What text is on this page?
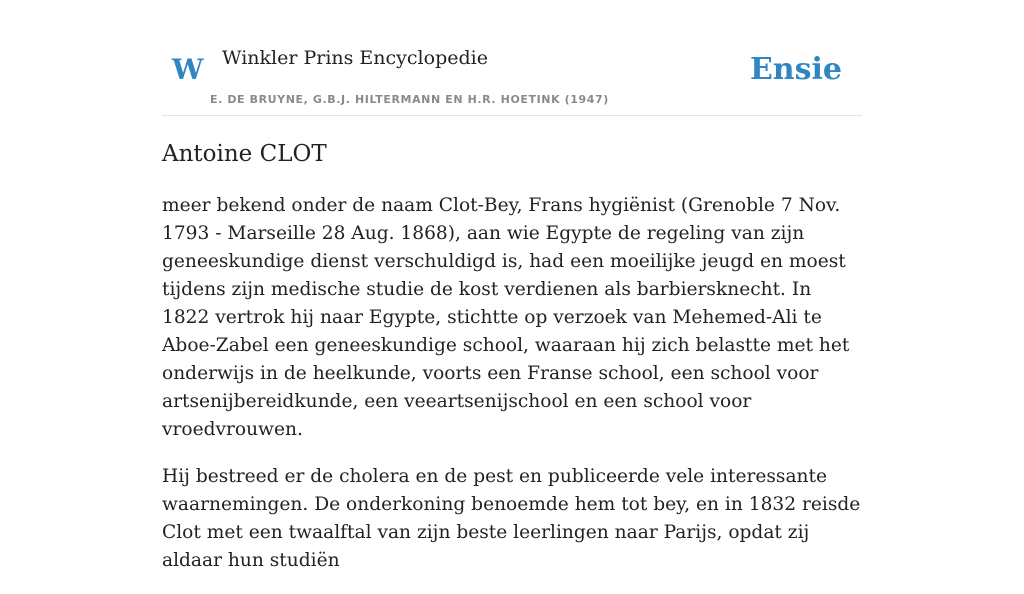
W Winkler Prins Encyclopedie
E. DE BRUYNE, G.B.J. HILTERMANN EN H.R. HOETINK (1947)
Ensie
Antoine CLOT

meer bekend onder de naam Clot-Bey, Frans hygiënist (Grenoble 7 Nov. 1793 - Marseille 28 Aug. 1868), aan wie Egypte de regeling van zijn geneeskundige dienst verschuldigd is, had een moeilijke jeugd en moest tijdens zijn medische studie de kost verdienen als barbiersknecht. In 1822 vertrok hij naar Egypte, stichtte op verzoek van Mehemed-Ali te Aboe-Zabel een geneeskundige school, waaraan hij zich belastte met het onderwijs in de heelkunde, voorts een Franse school, een school voor artsenijbereidkunde, een veeartsenijschool en een school voor vroedvrouwen.

Hij bestreed er de cholera en de pest en publiceerde vele interessante waarnemingen. De onderkoning benoemde hem tot bey, en in 1832 reisde Clot met een twaalftal van zijn beste leerlingen naar Parijs, opdat zij aldaar hun studiën
